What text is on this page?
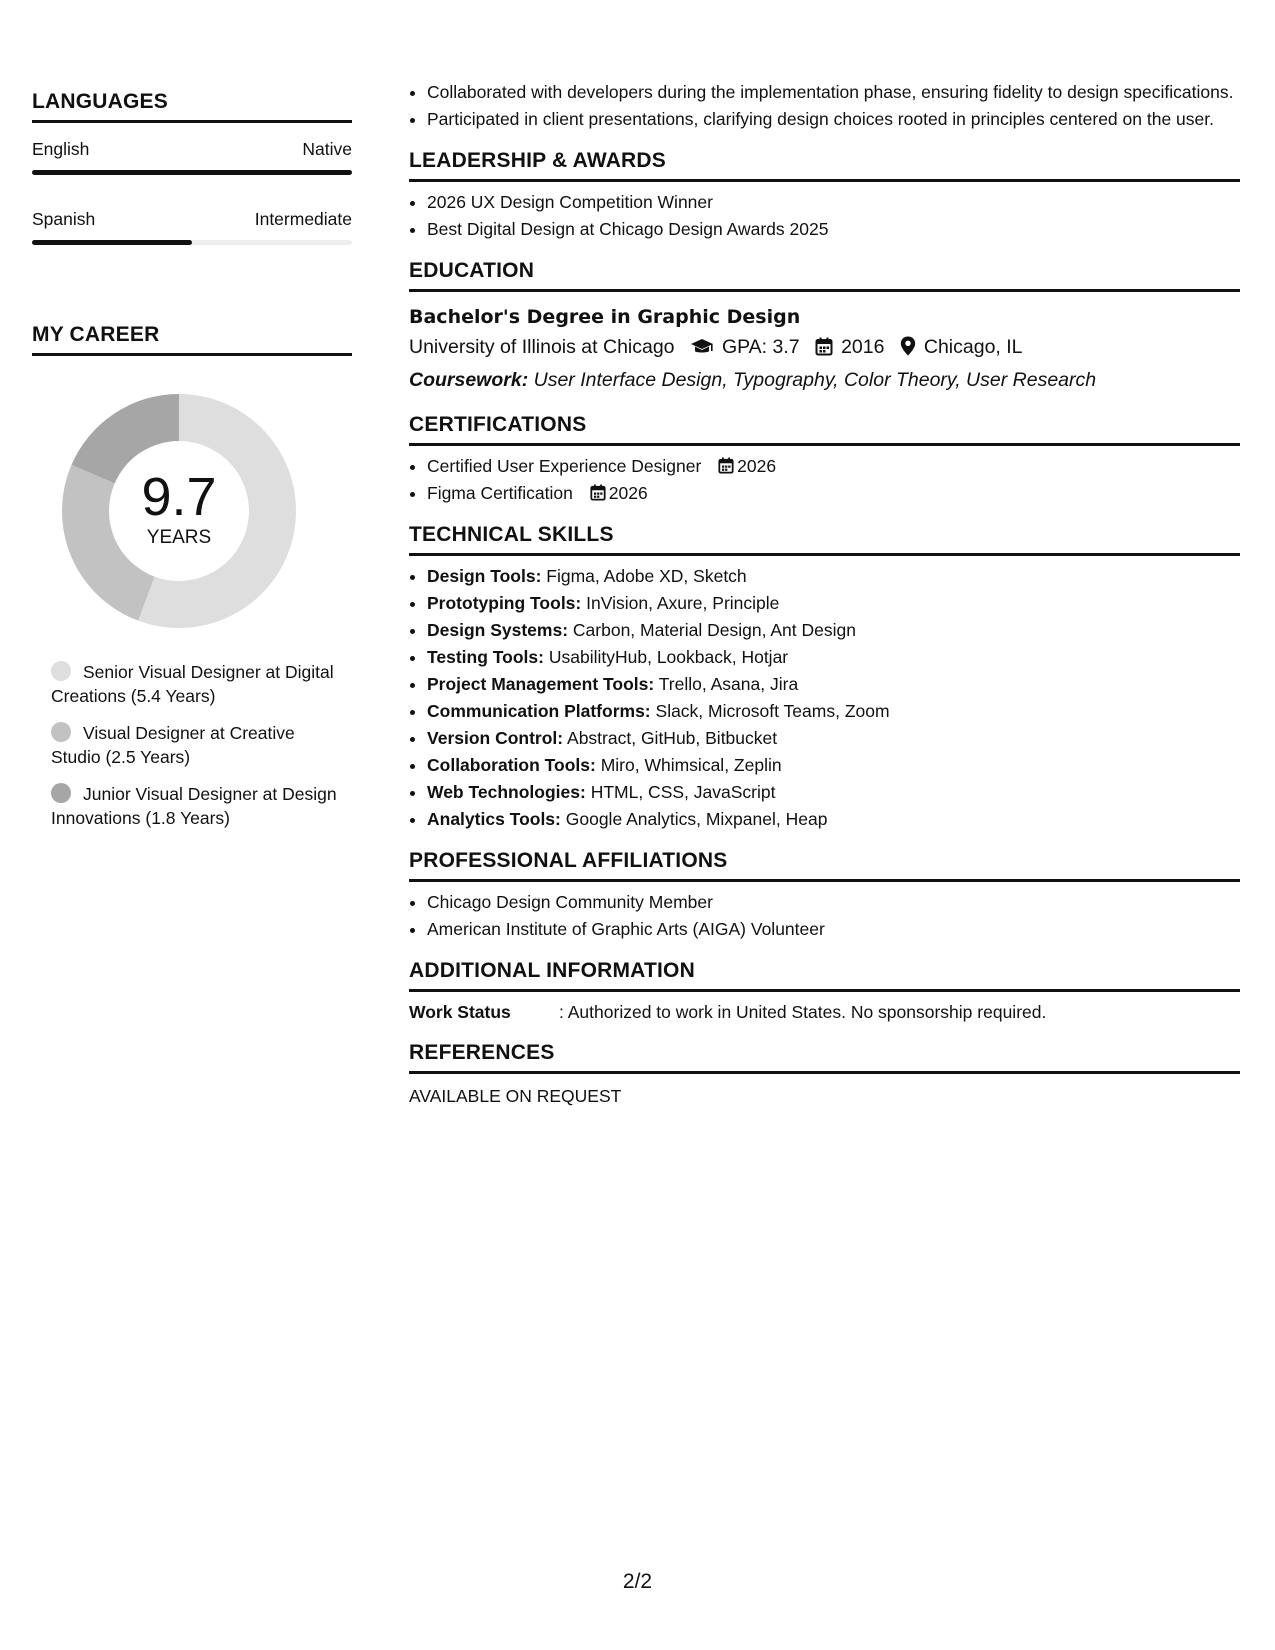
LANGUAGES
English	Native
Spanish	Intermediate
MY CAREER
9.7
YEARS
Senior Visual Designer at Digital Creations (5.4 Years)
Visual Designer at Creative Studio (2.5 Years)
Junior Visual Designer at Design Innovations (1.8 Years)
• Collaborated with developers during the implementation phase, ensuring fidelity to design specifications.
• Participated in client presentations, clarifying design choices rooted in principles centered on the user.
LEADERSHIP & AWARDS
• 2026 UX Design Competition Winner
• Best Digital Design at Chicago Design Awards 2025
EDUCATION
Bachelor's Degree in Graphic Design
University of Illinois at Chicago GPA: 3.7 2016 Chicago, IL
Coursework: User Interface Design, Typography, Color Theory, User Research
CERTIFICATIONS
• Certified User Experience Designer 2026
• Figma Certification 2026
TECHNICAL SKILLS
• Design Tools: Figma, Adobe XD, Sketch
• Prototyping Tools: InVision, Axure, Principle
• Design Systems: Carbon, Material Design, Ant Design
• Testing Tools: UsabilityHub, Lookback, Hotjar
• Project Management Tools: Trello, Asana, Jira
• Communication Platforms: Slack, Microsoft Teams, Zoom
• Version Control: Abstract, GitHub, Bitbucket
• Collaboration Tools: Miro, Whimsical, Zeplin
• Web Technologies: HTML, CSS, JavaScript
• Analytics Tools: Google Analytics, Mixpanel, Heap
PROFESSIONAL AFFILIATIONS
• Chicago Design Community Member
• American Institute of Graphic Arts (AIGA) Volunteer
ADDITIONAL INFORMATION
Work Status	: Authorized to work in United States. No sponsorship required.
REFERENCES
AVAILABLE ON REQUEST
2/2
